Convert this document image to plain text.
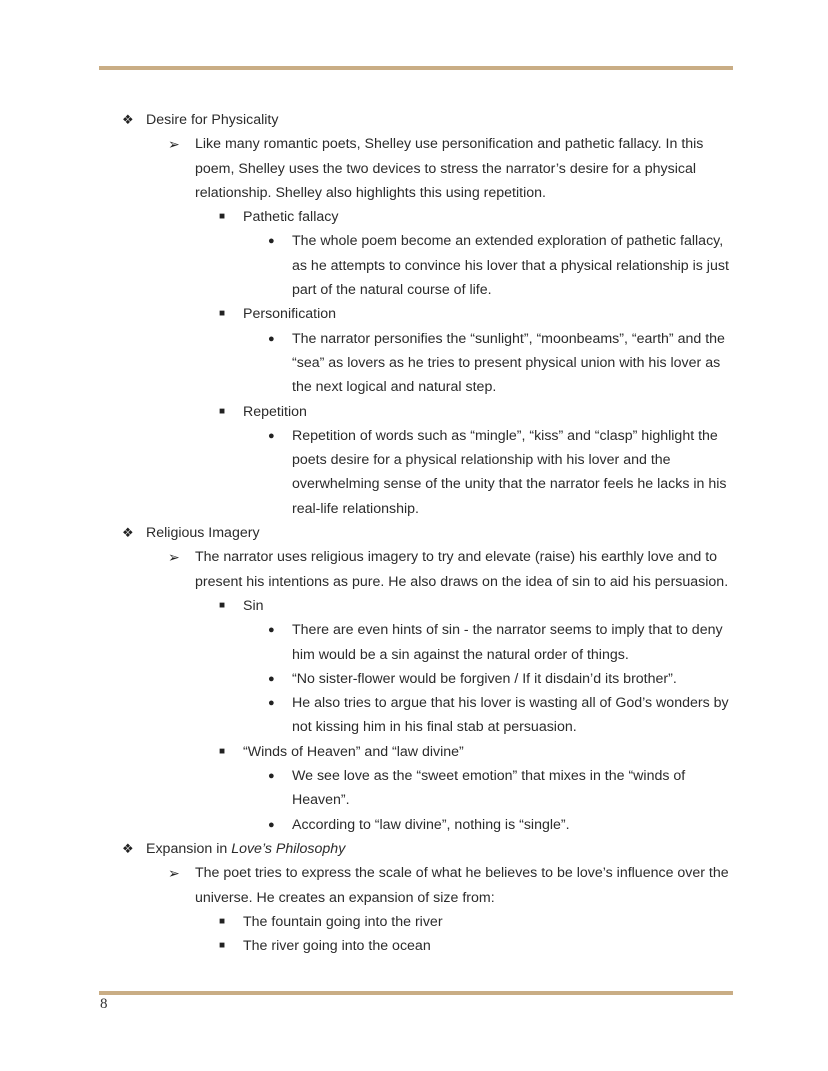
❖ Desire for Physicality
➢ Like many romantic poets, Shelley use personification and pathetic fallacy. In this poem, Shelley uses the two devices to stress the narrator’s desire for a physical relationship. Shelley also highlights this using repetition.
■ Pathetic fallacy
● The whole poem become an extended exploration of pathetic fallacy, as he attempts to convince his lover that a physical relationship is just part of the natural course of life.
■ Personification
● The narrator personifies the “sunlight”, “moonbeams”, “earth” and the “sea” as lovers as he tries to present physical union with his lover as the next logical and natural step.
■ Repetition
● Repetition of words such as “mingle”, “kiss” and “clasp” highlight the poets desire for a physical relationship with his lover and the overwhelming sense of the unity that the narrator feels he lacks in his real-life relationship.
❖ Religious Imagery
➢ The narrator uses religious imagery to try and elevate (raise) his earthly love and to present his intentions as pure. He also draws on the idea of sin to aid his persuasion.
■ Sin
● There are even hints of sin - the narrator seems to imply that to deny him would be a sin against the natural order of things.
● “No sister-flower would be forgiven / If it disdain’d its brother”.
● He also tries to argue that his lover is wasting all of God’s wonders by not kissing him in his final stab at persuasion.
■ “Winds of Heaven” and “law divine”
● We see love as the “sweet emotion” that mixes in the “winds of Heaven”.
● According to “law divine”, nothing is “single”.
❖ Expansion in Love’s Philosophy
➢ The poet tries to express the scale of what he believes to be love’s influence over the universe. He creates an expansion of size from:
■ The fountain going into the river
■ The river going into the ocean
8
